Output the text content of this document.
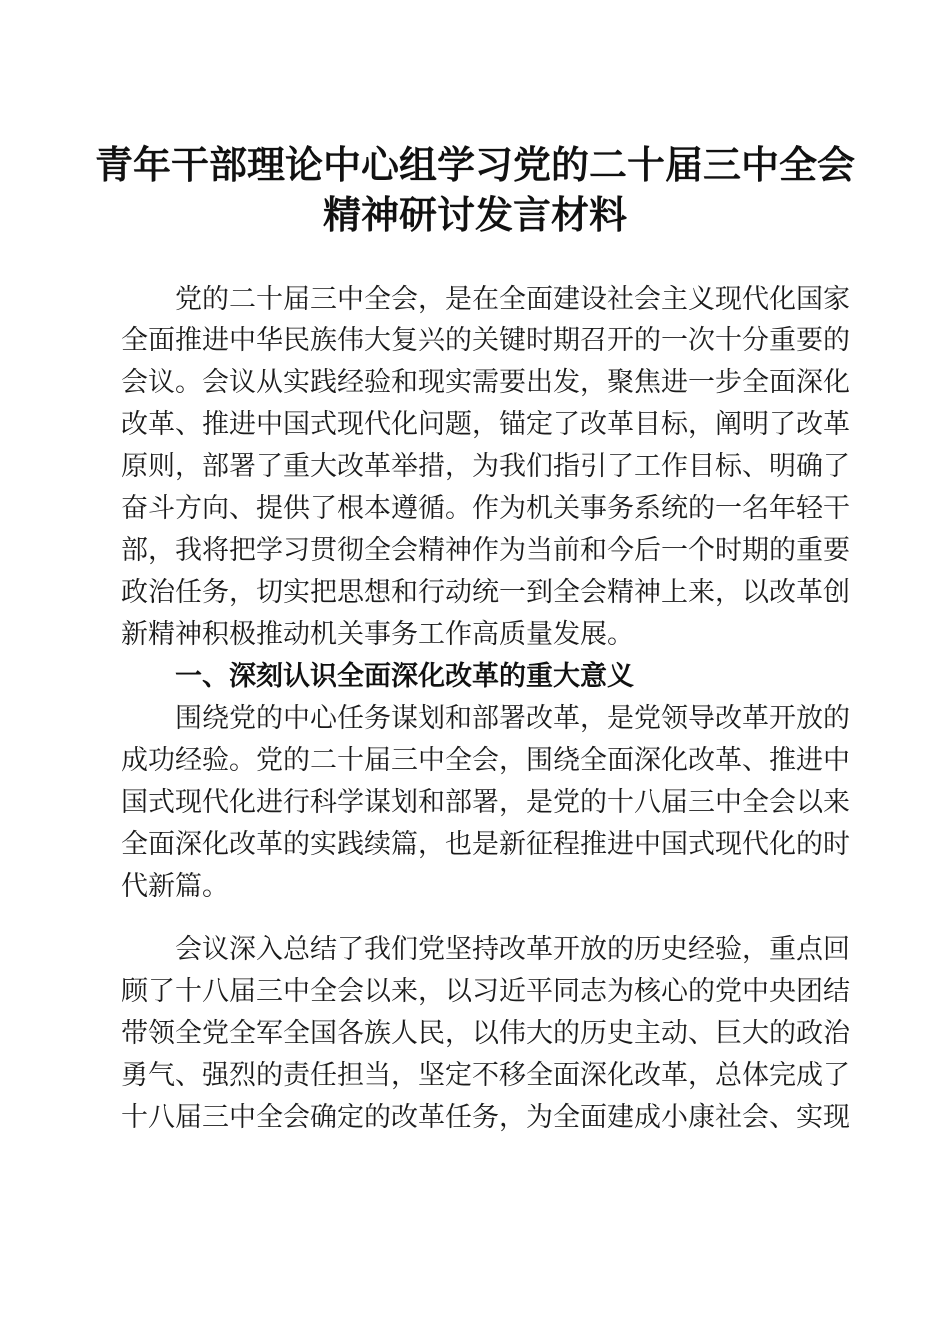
青年干部理论中心组学习党的二十届三中全会
精神研讨发言材料
党的二十届三中全会，是在全面建设社会主义现代化国家
全面推进中华民族伟大复兴的关键时期召开的一次十分重要的
会议。会议从实践经验和现实需要出发，聚焦进一步全面深化
改革、推进中国式现代化问题，锚定了改革目标，阐明了改革
原则，部署了重大改革举措，为我们指引了工作目标、明确了
奋斗方向、提供了根本遵循。作为机关事务系统的一名年轻干
部，我将把学习贯彻全会精神作为当前和今后一个时期的重要
政治任务，切实把思想和行动统一到全会精神上来，以改革创
新精神积极推动机关事务工作高质量发展。
一、深刻认识全面深化改革的重大意义
围绕党的中心任务谋划和部署改革，是党领导改革开放的
成功经验。党的二十届三中全会，围绕全面深化改革、推进中
国式现代化进行科学谋划和部署，是党的十八届三中全会以来
全面深化改革的实践续篇，也是新征程推进中国式现代化的时
代新篇。
会议深入总结了我们党坚持改革开放的历史经验，重点回
顾了十八届三中全会以来，以习近平同志为核心的党中央团结
带领全党全军全国各族人民，以伟大的历史主动、巨大的政治
勇气、强烈的责任担当，坚定不移全面深化改革，总体完成了
十八届三中全会确定的改革任务，为全面建成小康社会、实现
